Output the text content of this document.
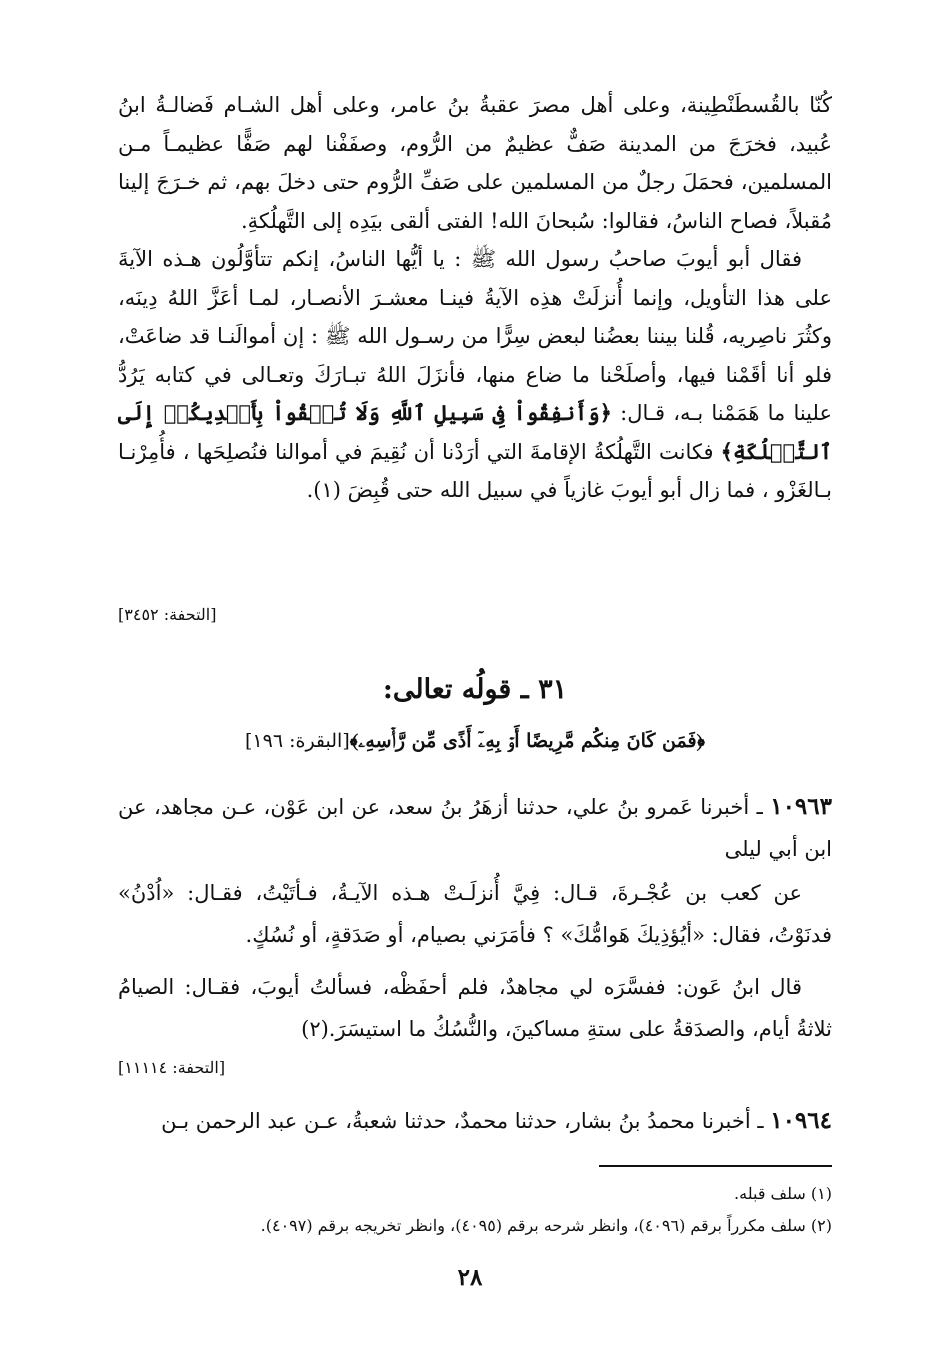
كُنّا بالقُسطَنْطِينة، وعلى أهل مصرَ عقبةُ بنُ عامر، وعلى أهل الشـام فَضالـةُ ابنُ عُبيد، فخرَجَ من المدينة صَفٌّ عظيمٌ من الرُّوم، وصفَفْنا لهم صَفًّا عظيمـاً مـن المسلمين، فحمَلَ رجلٌ من المسلمين على صَفِّ الرُّوم حتى دخلَ بهم، ثم خـرَجَ إلينا مُقبلاً، فصاح الناسُ، فقالوا: سُبحانَ الله! الفتى ألقى بيَدِه إلى التَّهلُكةِ.

فقال أبو أيوبَ صاحبُ رسول الله ﷺ : يا أيُّها الناسُ، إنكم تتأوَّلُون هـذه الآيةَ على هذا التأويل، وإنما أُنزلَتْ هذِه الآيةُ فينـا معشـرَ الأنصـار، لمـا أعَزَّ اللهُ دِينَه، وكثُرَ ناصِريه، قُلنا بيننا بعضُنا لبعض سِرًّا من رسـول الله ﷺ : إن أموالَنـا قد ضاعَتْ، فلو أنا أقَمْنا فيها، وأصلَحْنا ما ضاع منها، فأنزَلَ اللهُ تبـارَكَ وتعـالى في كتابه يَرُدُّ علينا ما هَمَمْنا بـه، قـال: ﴿وَأَنفِقُواْ فِى سَبِيلِ ٱللَّهِ وَلَا تُلۡقُواْ بِأَيۡدِيكُمۡ إِلَى ٱلتَّهۡلُكَةِ﴾ فكانت التَّهلُكةُ الإقامةَ التي أرَدْنا أن نُقِيمَ في أموالنا فنُصلِحَها ، فأُمِرْنـا بـالغَزْو ، فما زال أبو أيوبَ غازياً في سبيل الله حتى قُبِضَ (١).

[التحفة: ٣٤٥٢]
٣١ ـ قولُه تعالى:
﴿فَمَن كَانَ مِنكُم مَّرِيضًا أَوۡ بِهِۦٓ أَذًى مِّن رَّأۡسِهِۦ﴾[البقرة: ١٩٦]

١٠٩٦٣ ـ أخبرنا عَمرو بنُ علي، حدثنا أزهَرُ بنُ سعد، عن ابن عَوْن، عـن مجاهد، عن ابن أبي ليلى

عن كعب بن عُجْـرةَ، قـال: فِيَّ أُنزلَـتْ هـذه الآيـةُ، فـأتَيْتُ، فقـال: «اُدْنُ» فدنَوْتُ، فقال: «أيُؤذِيكَ هَوامُّكَ» ؟ فأمَرَني بصيام، أو صَدَقةٍ، أو نُسُكٍ.

قال ابنُ عَون: ففسَّرَه لي مجاهدٌ، فلم أحفَظْه، فسألتُ أيوبَ، فقـال: الصيامُ ثلاثةُ أيام، والصدَقةُ على ستةِ مساكينَ، والنُّسُكُ ما استيسَرَ.(٢)

[التحفة: ١١١١٤]

١٠٩٦٤ ـ أخبرنا محمدُ بنُ بشار، حدثنا محمدٌ، حدثنا شعبةُ، عـن عبد الرحمن بـن

(١) سلف قبله.

(٢) سلف مكرراً برقم (٤٠٩٦)، وانظر شرحه برقم (٤٠٩٥)، وانظر تخريجه برقم (٤٠٩٧).

٢٨
